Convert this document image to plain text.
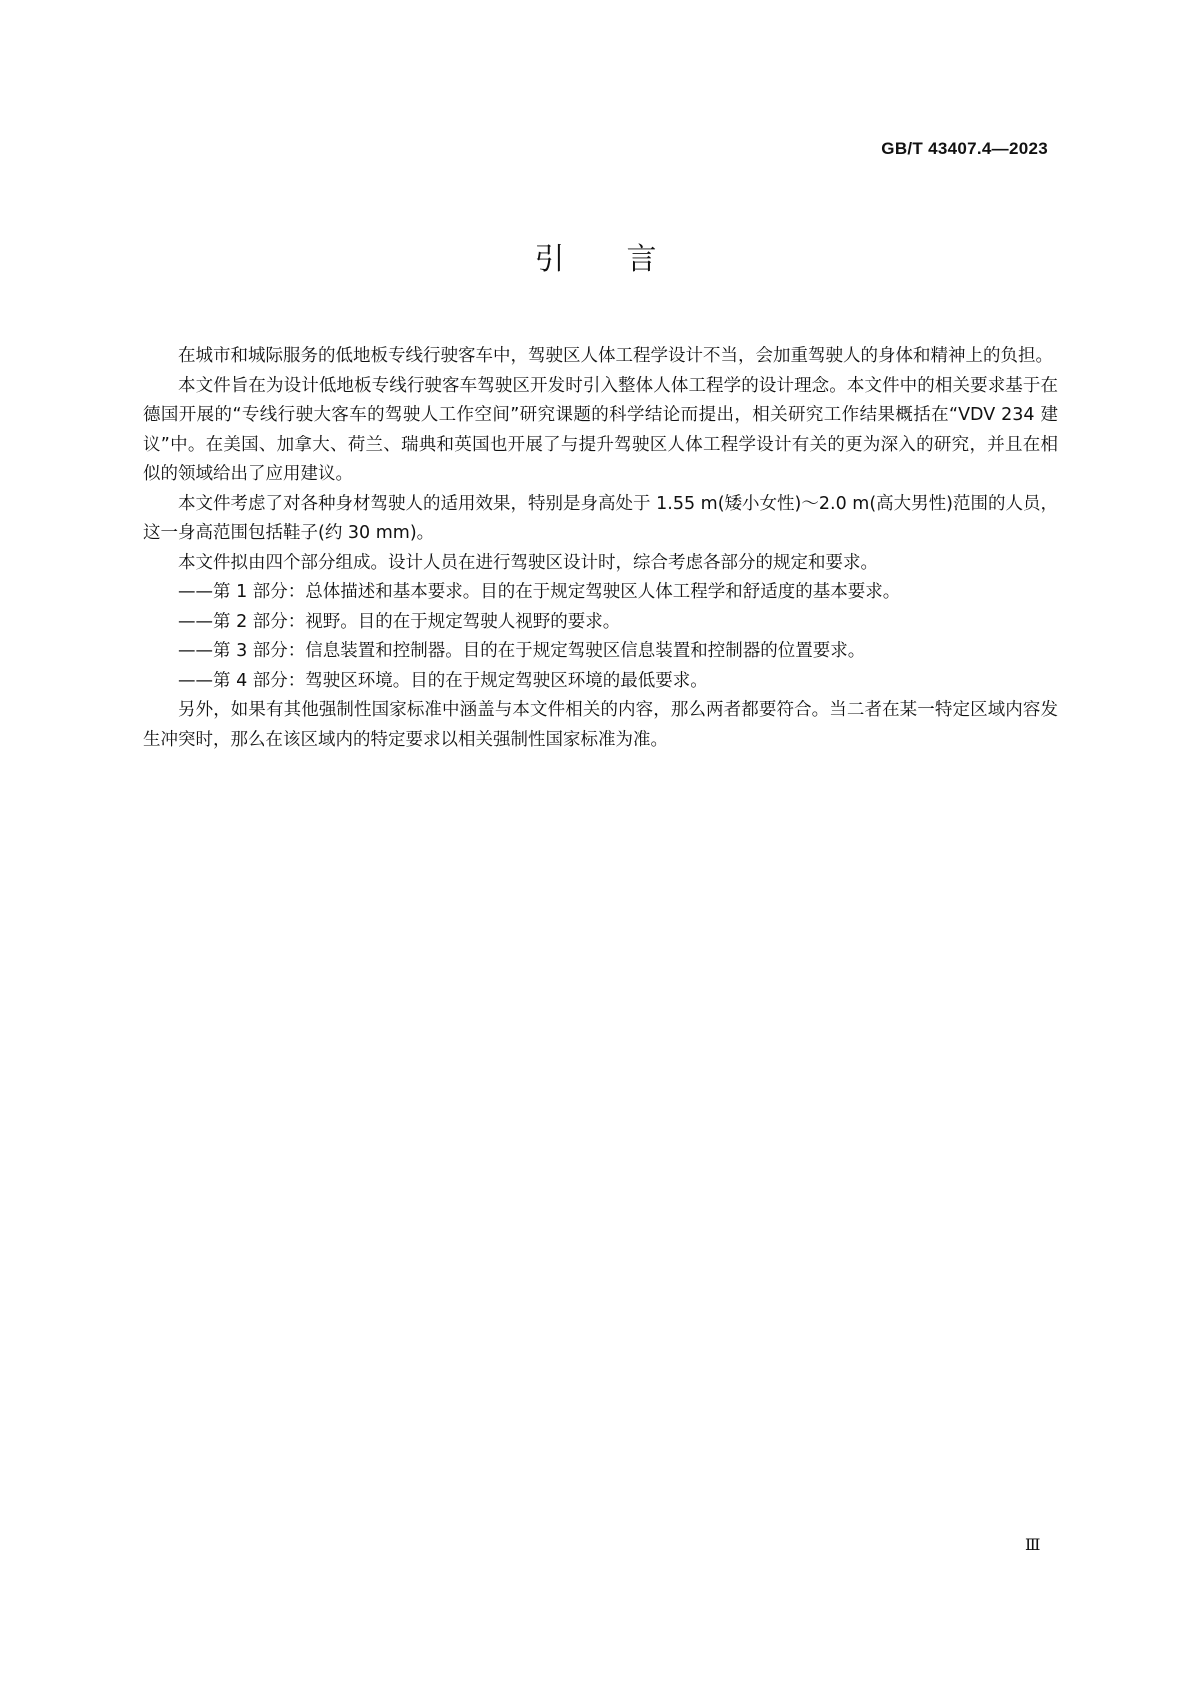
GB/T 43407.4—2023
引言

在城市和城际服务的低地板专线行驶客车中，驾驶区人体工程学设计不当，会加重驾驶人的身体和精神上的负担。

本文件旨在为设计低地板专线行驶客车驾驶区开发时引入整体人体工程学的设计理念。本文件中的相关要求基于在德国开展的“专线行驶大客车的驾驶人工作空间”研究课题的科学结论而提出，相关研究工作结果概括在“VDV 234 建议”中。在美国、加拿大、荷兰、瑞典和英国也开展了与提升驾驶区人体工程学设计有关的更为深入的研究，并且在相似的领域给出了应用建议。

本文件考虑了对各种身材驾驶人的适用效果，特别是身高处于 1.55 m(矮小女性)～2.0 m(高大男性)范围的人员，这一身高范围包括鞋子(约 30 mm)。

本文件拟由四个部分组成。设计人员在进行驾驶区设计时，综合考虑各部分的规定和要求。

——第 1 部分：总体描述和基本要求。目的在于规定驾驶区人体工程学和舒适度的基本要求。

——第 2 部分：视野。目的在于规定驾驶人视野的要求。

——第 3 部分：信息装置和控制器。目的在于规定驾驶区信息装置和控制器的位置要求。

——第 4 部分：驾驶区环境。目的在于规定驾驶区环境的最低要求。

另外，如果有其他强制性国家标准中涵盖与本文件相关的内容，那么两者都要符合。当二者在某一特定区域内容发生冲突时，那么在该区域内的特定要求以相关强制性国家标准为准。

Ⅲ
